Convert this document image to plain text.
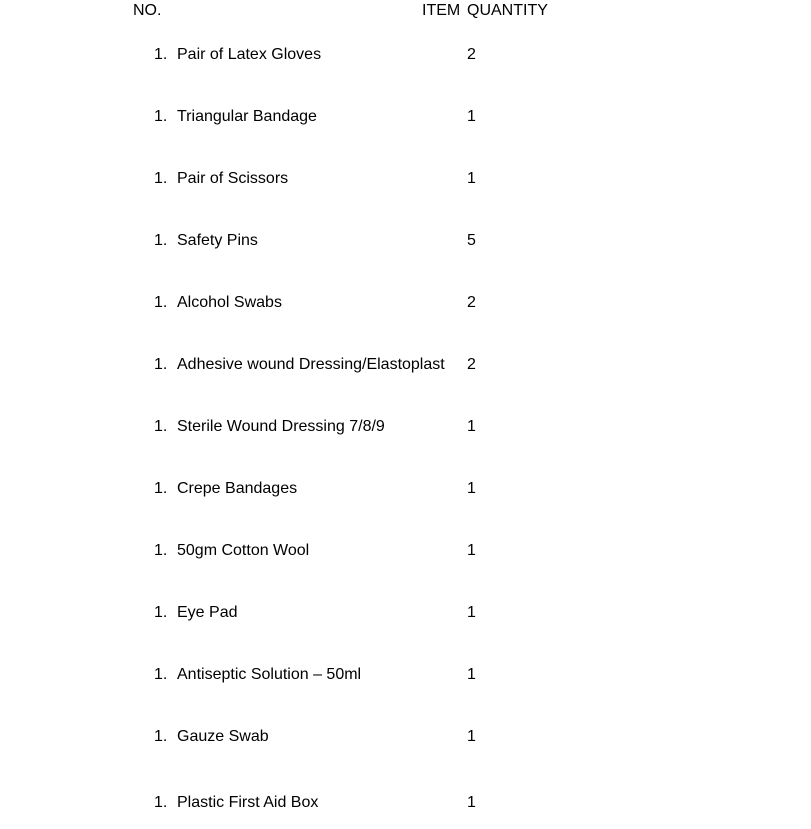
NO.	ITEM QUANTITY
1. Pair of Latex Gloves	2
1. Triangular Bandage	1
1. Pair of Scissors	1
1. Safety Pins	5
1. Alcohol Swabs	2
1. Adhesive wound Dressing/Elastoplast 2
1. Sterile Wound Dressing 7/8/9	1
1. Crepe Bandages	1
1. 50gm Cotton Wool	1
1. Eye Pad	1
1. Antiseptic Solution – 50ml	1
1. Gauze Swab	1
1. Plastic First Aid Box	1
